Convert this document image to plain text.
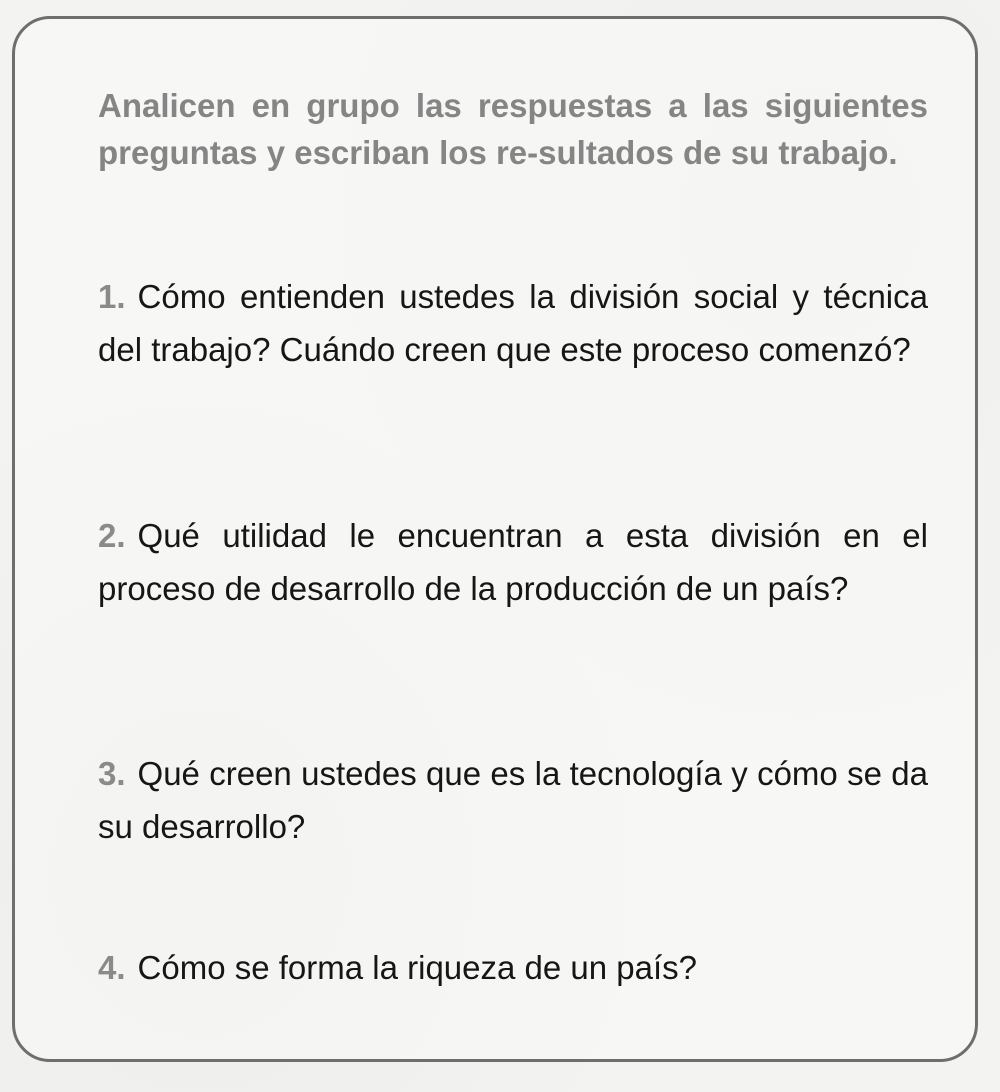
Analicen en grupo las respuestas a las siguientes preguntas y escriban los re-sultados de su trabajo.

1. Cómo entienden ustedes la división social y técnica del trabajo? Cuándo creen que este proceso comenzó?

2. Qué utilidad le encuentran a esta división en el proceso de desarrollo de la producción de un país?

3. Qué creen ustedes que es la tecnología y cómo se da su desarrollo?

4. Cómo se forma la riqueza de un país?
